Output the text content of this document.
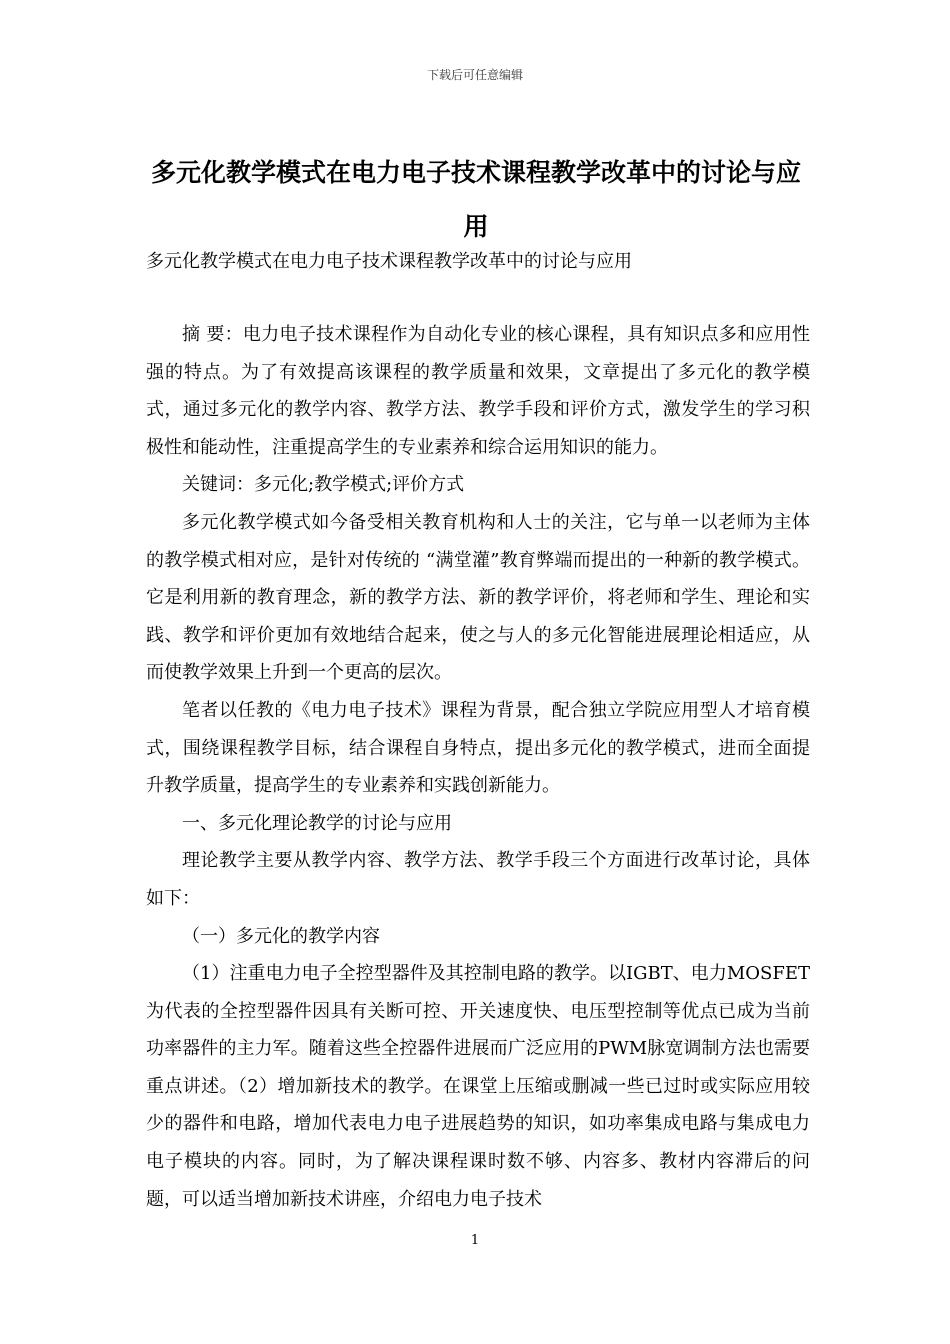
下载后可任意编辑
多元化教学模式在电力电子技术课程教学改革中的讨论与应用
多元化教学模式在电力电子技术课程教学改革中的讨论与应用

摘 要：电力电子技术课程作为自动化专业的核心课程，具有知识点多和应用性强的特点。为了有效提高该课程的教学质量和效果，文章提出了多元化的教学模式，通过多元化的教学内容、教学方法、教学手段和评价方式，激发学生的学习积极性和能动性，注重提高学生的专业素养和综合运用知识的能力。

关键词：多元化;教学模式;评价方式

多元化教学模式如今备受相关教育机构和人士的关注，它与单一以老师为主体的教学模式相对应，是针对传统的 “满堂灌”教育弊端而提出的一种新的教学模式。它是利用新的教育理念，新的教学方法、新的教学评价，将老师和学生、理论和实践、教学和评价更加有效地结合起来，使之与人的多元化智能进展理论相适应，从而使教学效果上升到一个更高的层次。

笔者以任教的《电力电子技术》课程为背景，配合独立学院应用型人才培育模式，围绕课程教学目标，结合课程自身特点，提出多元化的教学模式，进而全面提升教学质量，提高学生的专业素养和实践创新能力。

一、多元化理论教学的讨论与应用

理论教学主要从教学内容、教学方法、教学手段三个方面进行改革讨论，具体如下：

（一）多元化的教学内容

（1）注重电力电子全控型器件及其控制电路的教学。以IGBT、电力MOSFET为代表的全控型器件因具有关断可控、开关速度快、电压型控制等优点已成为当前功率器件的主力军。随着这些全控器件进展而广泛应用的PWM脉宽调制方法也需要重点讲述。（2）增加新技术的教学。在课堂上压缩或删减一些已过时或实际应用较少的器件和电路，增加代表电力电子进展趋势的知识，如功率集成电路与集成电力电子模块的内容。同时，为了解决课程课时数不够、内容多、教材内容滞后的问题，可以适当增加新技术讲座，介绍电力电子技术

1
